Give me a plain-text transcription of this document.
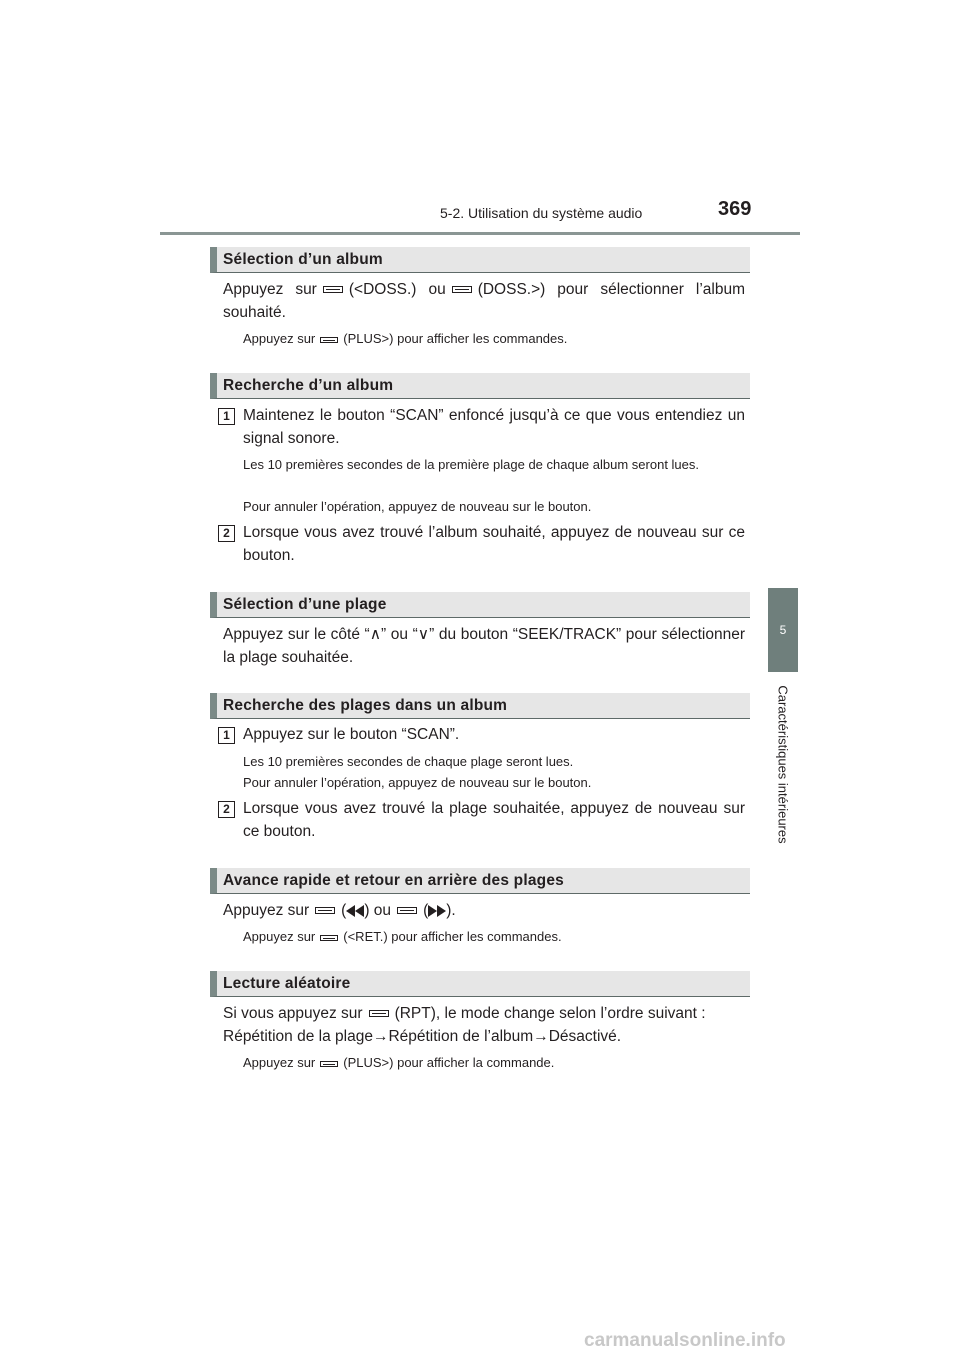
5-2. Utilisation du système audio	369
5
Caractéristiques intérieures
Sélection d’un album
Appuyez sur (<DOSS.) ou (DOSS.>) pour sélectionner l’album souhaité.
Appuyez sur (PLUS>) pour afficher les commandes.
Recherche d’un album
1 Maintenez le bouton “SCAN” enfoncé jusqu’à ce que vous entendiez un signal sonore.
Les 10 premières secondes de la première plage de chaque album seront lues.
Pour annuler l’opération, appuyez de nouveau sur le bouton.
2 Lorsque vous avez trouvé l’album souhaité, appuyez de nouveau sur ce bouton.
Sélection d’une plage
Appuyez sur le côté “∧” ou “∨” du bouton “SEEK/TRACK” pour sélectionner la plage souhaitée.
Recherche des plages dans un album
1 Appuyez sur le bouton “SCAN”.
Les 10 premières secondes de chaque plage seront lues.
Pour annuler l’opération, appuyez de nouveau sur le bouton.
2 Lorsque vous avez trouvé la plage souhaitée, appuyez de nouveau sur ce bouton.
Avance rapide et retour en arrière des plages
Appuyez sur ( ) ou ( ).
Appuyez sur (<RET.) pour afficher les commandes.
Lecture aléatoire
Si vous appuyez sur (RPT), le mode change selon l’ordre suivant :
Répétition de la plage→Répétition de l’album→Désactivé.
Appuyez sur (PLUS>) pour afficher la commande.
carmanualsonline.info
